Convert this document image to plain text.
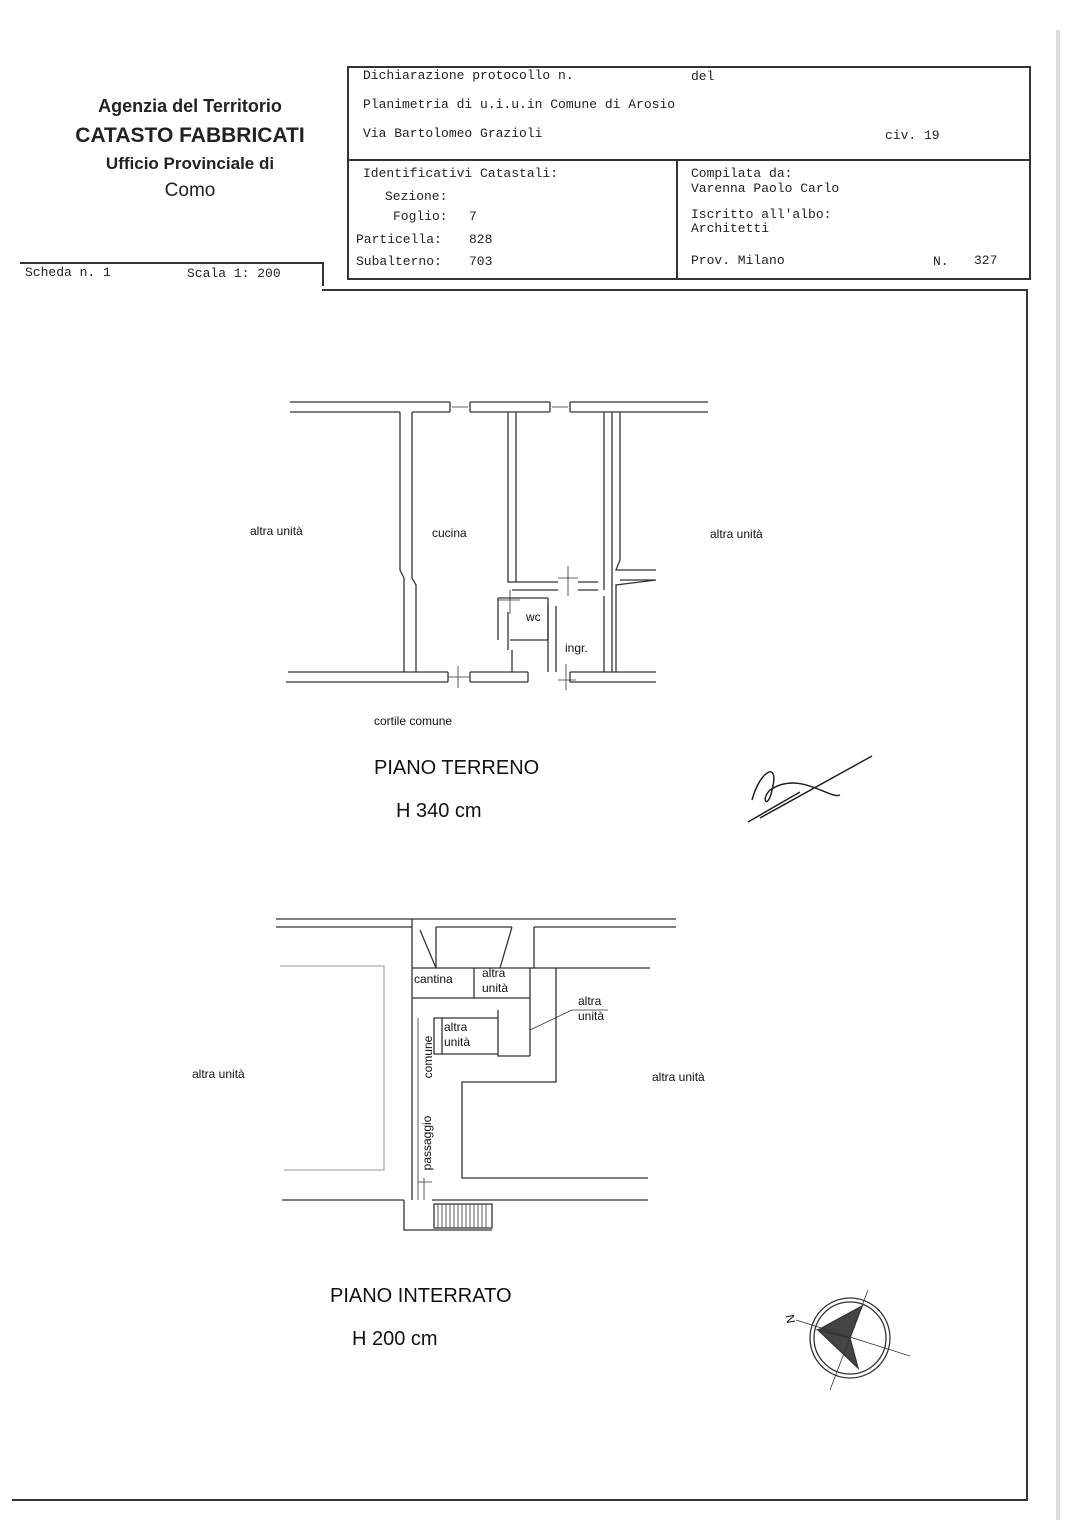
Agenzia del Territorio
CATASTO FABBRICATI
Ufficio Provinciale di
Como
Scheda n. 1	Scala 1: 200
Dichiarazione protocollo n.	del
Planimetria di u.i.u.in Comune di Arosio
Via Bartolomeo Grazioli	civ. 19
Identificativi Catastali:
Sezione:
Foglio: 7
Particella: 828
Subalterno: 703
Compilata da:
Varenna Paolo Carlo
Iscritto all'albo:
Architetti
Prov. Milano	N. 327
altra unità	cucina	altra unità
wc
ingr.
cortile comune
PIANO TERRENO
H 340 cm
cantina altra
unità
altra
unità
altra
unità
altra unità	altra unità
comune
passaggio
PIANO INTERRATO
H 200 cm
N
